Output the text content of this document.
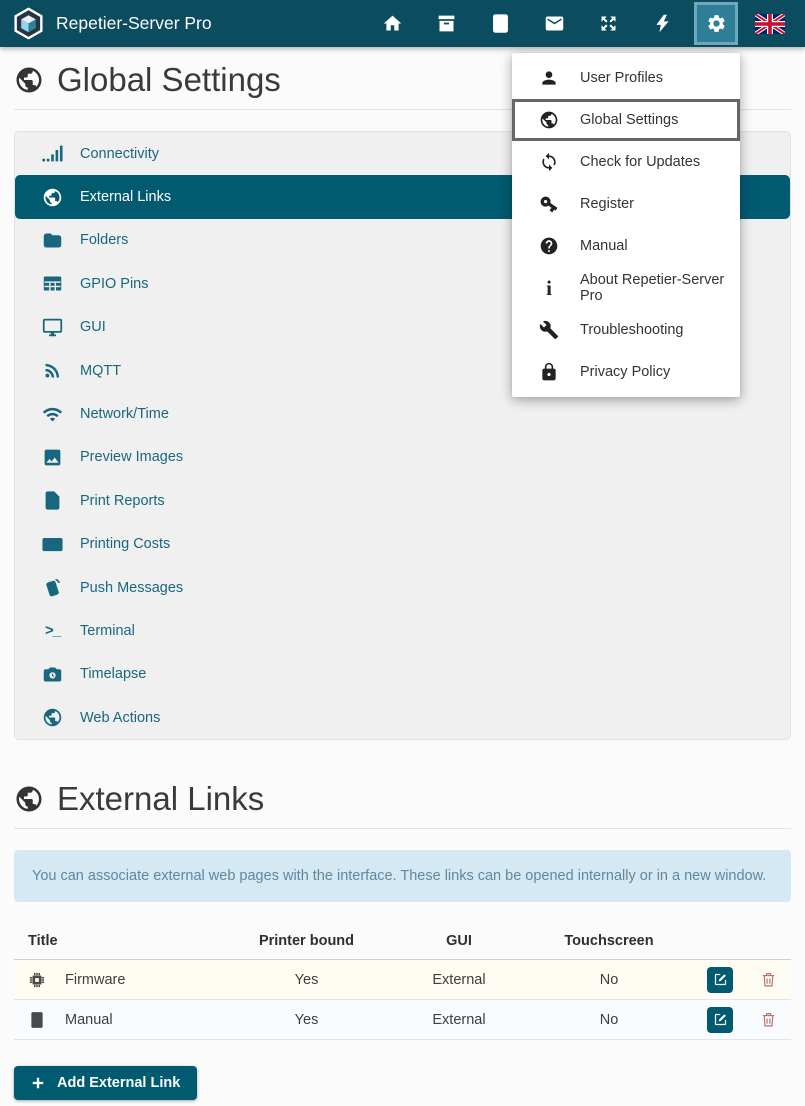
Repetier-Server Pro
User Profiles
Global Settings
Check for Updates
Register
Manual
i	About Repetier-Server Pro
Troubleshooting
Privacy Policy
Global Settings
Connectivity
External Links
Folders
GPIO Pins
GUI
MQTT
Network/Time
Preview Images
Print Reports
Printing Costs
Push Messages
>_ Terminal
Timelapse
Web Actions
External Links
You can associate external web pages with the interface. These links can be opened internally or in a new window.
Title	Printer bound	GUI	Touchscreen
Firmware	Yes	External	No
Manual	Yes	External	No
Add External Link
